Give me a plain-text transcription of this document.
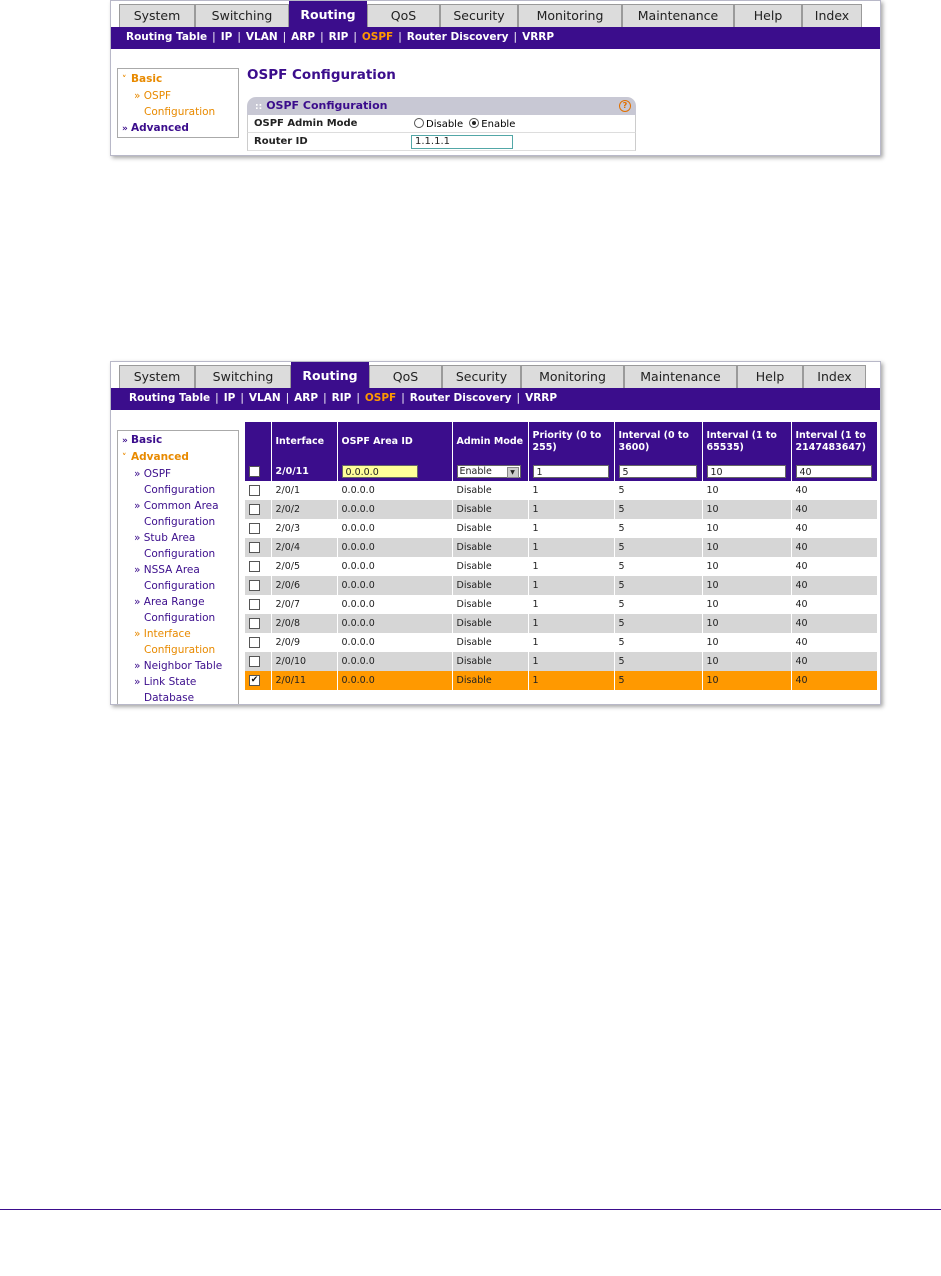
System	Switching	Routing	QoS	Security	Monitoring	Maintenance	Help	Index
Routing Table | IP | VLAN | ARP | RIP | OSPF | Router Discovery | VRRP
˅ Basic
» OSPF
Configuration
» Advanced
OSPF Configuration
:: OSPF Configuration	?
OSPF Admin Mode	Disable Enable
Router ID	1.1.1.1
System	Switching	Routing	QoS	Security	Monitoring	Maintenance	Help	Index
Routing Table | IP | VLAN | ARP | RIP | OSPF | Router Discovery | VRRP
» Basic
˅ Advanced
» OSPF
Configuration
» Common Area
Configuration
» Stub Area
Configuration
» NSSA Area
Configuration
» Area Range
Configuration
» Interface
Configuration
» Neighbor Table
» Link State
Database
	Interface	OSPF Area ID	Admin Mode	Priority (0 to 255)	Interval (0 to 3600)	Interval (1 to 65535)	Interval (1 to 2147483647)
	2/0/11	0.0.0.0	Enable ▼	1	5	10	40
	2/0/1	0.0.0.0	Disable	1	5	10	40
	2/0/2	0.0.0.0	Disable	1	5	10	40
	2/0/3	0.0.0.0	Disable	1	5	10	40
	2/0/4	0.0.0.0	Disable	1	5	10	40
	2/0/5	0.0.0.0	Disable	1	5	10	40
	2/0/6	0.0.0.0	Disable	1	5	10	40
	2/0/7	0.0.0.0	Disable	1	5	10	40
	2/0/8	0.0.0.0	Disable	1	5	10	40
	2/0/9	0.0.0.0	Disable	1	5	10	40
	2/0/10	0.0.0.0	Disable	1	5	10	40
✔	2/0/11	0.0.0.0	Disable	1	5	10	40
